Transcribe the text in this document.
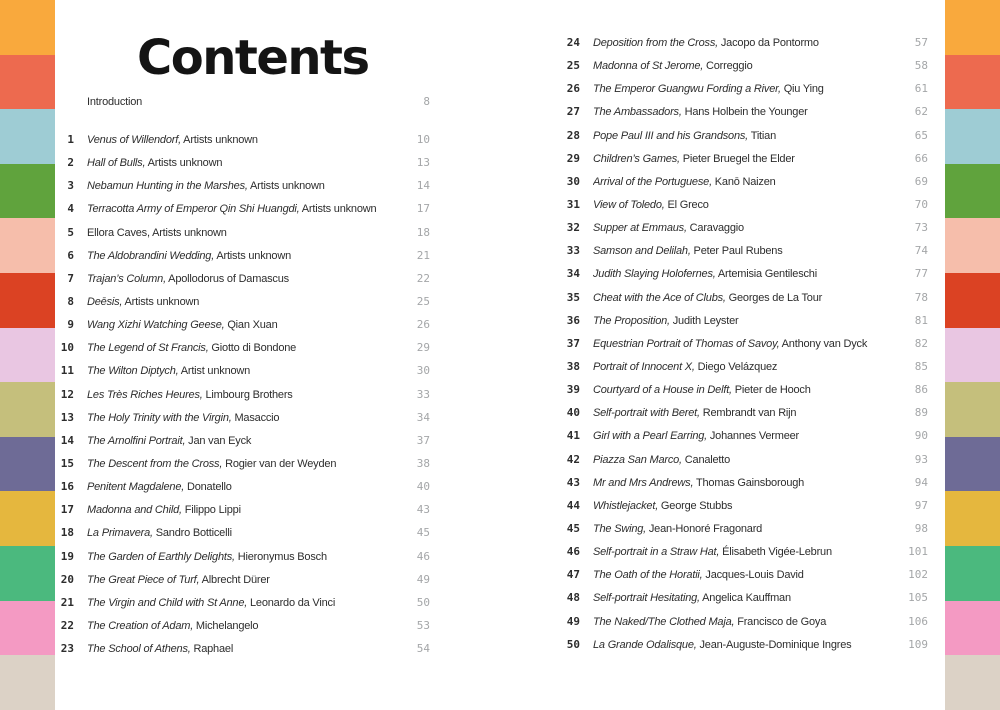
Contents
Introduction	8
1 Venus of Willendorf, Artists unknown	10
2 Hall of Bulls, Artists unknown	13
3 Nebamun Hunting in the Marshes, Artists unknown	14
4 Terracotta Army of Emperor Qin Shi Huangdi, Artists unknown	17
5 Ellora Caves, Artists unknown	18
6 The Aldobrandini Wedding, Artists unknown	21
7 Trajan’s Column, Apollodorus of Damascus	22
8 Deēsis, Artists unknown	25
9 Wang Xizhi Watching Geese, Qian Xuan	26
10 The Legend of St Francis, Giotto di Bondone	29
11 The Wilton Diptych, Artist unknown	30
12 Les Très Riches Heures, Limbourg Brothers	33
13 The Holy Trinity with the Virgin, Masaccio	34
14 The Arnolfini Portrait, Jan van Eyck	37
15 The Descent from the Cross, Rogier van der Weyden	38
16 Penitent Magdalene, Donatello	40
17 Madonna and Child, Filippo Lippi	43
18 La Primavera, Sandro Botticelli	45
19 The Garden of Earthly Delights, Hieronymus Bosch	46
20 The Great Piece of Turf, Albrecht Dürer	49
21 The Virgin and Child with St Anne, Leonardo da Vinci	50
22 The Creation of Adam, Michelangelo	53
23 The School of Athens, Raphael	54
24 Deposition from the Cross, Jacopo da Pontormo	57
25 Madonna of St Jerome, Correggio	58
26 The Emperor Guangwu Fording a River, Qiu Ying	61
27 The Ambassadors, Hans Holbein the Younger	62
28 Pope Paul III and his Grandsons, Titian	65
29 Children’s Games, Pieter Bruegel the Elder	66
30 Arrival of the Portuguese, Kanō Naizen	69
31 View of Toledo, El Greco	70
32 Supper at Emmaus, Caravaggio	73
33 Samson and Delilah, Peter Paul Rubens	74
34 Judith Slaying Holofernes, Artemisia Gentileschi	77
35 Cheat with the Ace of Clubs, Georges de La Tour	78
36 The Proposition, Judith Leyster	81
37 Equestrian Portrait of Thomas of Savoy, Anthony van Dyck	82
38 Portrait of Innocent X, Diego Velázquez	85
39 Courtyard of a House in Delft, Pieter de Hooch	86
40 Self-portrait with Beret, Rembrandt van Rijn	89
41 Girl with a Pearl Earring, Johannes Vermeer	90
42 Piazza San Marco, Canaletto	93
43 Mr and Mrs Andrews, Thomas Gainsborough	94
44 Whistlejacket, George Stubbs	97
45 The Swing, Jean-Honoré Fragonard	98
46 Self-portrait in a Straw Hat, Élisabeth Vigée-Lebrun	101
47 The Oath of the Horatii, Jacques-Louis David	102
48 Self-portrait Hesitating, Angelica Kauffman	105
49 The Naked/The Clothed Maja, Francisco de Goya	106
50 La Grande Odalisque, Jean-Auguste-Dominique Ingres	109
